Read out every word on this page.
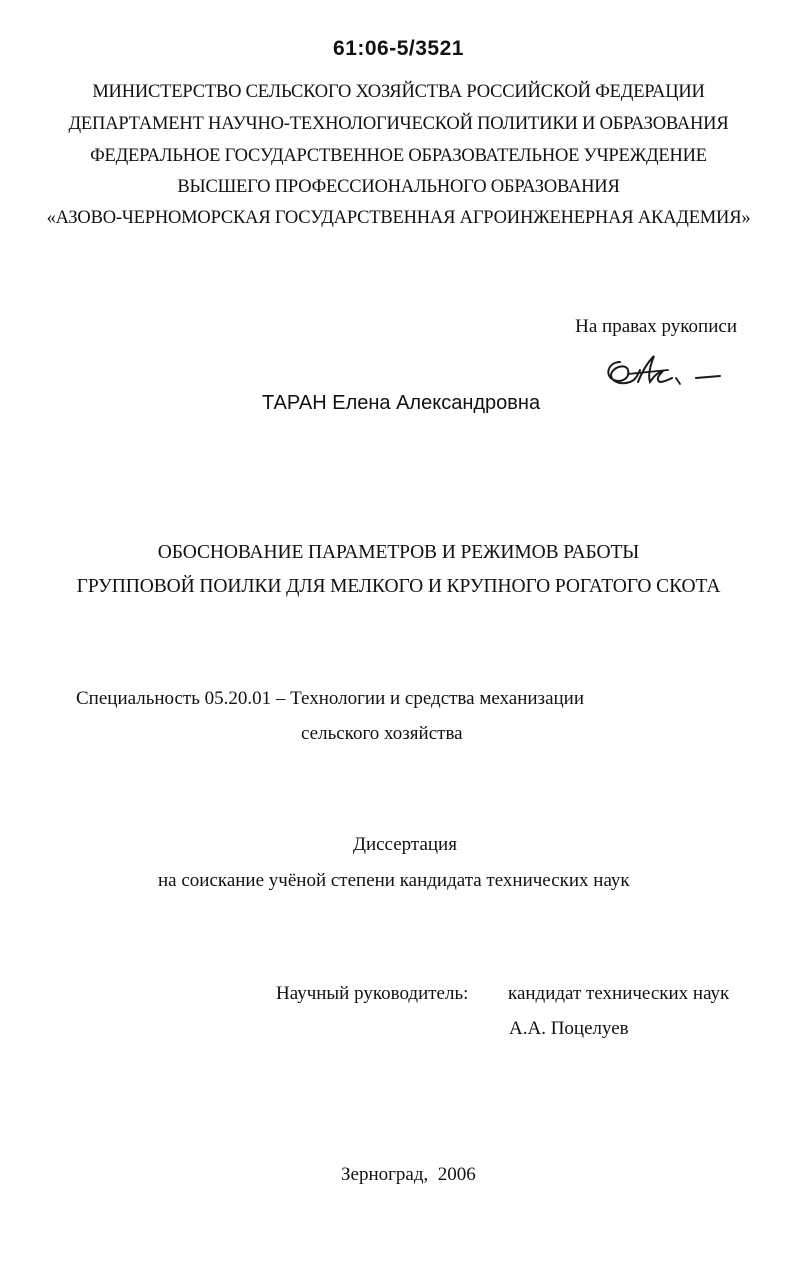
61:06-5/3521
МИНИСТЕРСТВО СЕЛЬСКОГО ХОЗЯЙСТВА РОССИЙСКОЙ ФЕДЕРАЦИИ
ДЕПАРТАМЕНТ НАУЧНО-ТЕХНОЛОГИЧЕСКОЙ ПОЛИТИКИ И ОБРАЗОВАНИЯ
ФЕДЕРАЛЬНОЕ ГОСУДАРСТВЕННОЕ ОБРАЗОВАТЕЛЬНОЕ УЧРЕЖДЕНИЕ
ВЫСШЕГО ПРОФЕССИОНАЛЬНОГО ОБРАЗОВАНИЯ
«АЗОВО-ЧЕРНОМОРСКАЯ ГОСУДАРСТВЕННАЯ АГРОИНЖЕНЕРНАЯ АКАДЕМИЯ»
На правах рукописи
ТАРАН Елена Александровна
ОБОСНОВАНИЕ ПАРАМЕТРОВ И РЕЖИМОВ РАБОТЫ
ГРУППОВОЙ ПОИЛКИ ДЛЯ МЕЛКОГО И КРУПНОГО РОГАТОГО СКОТА
Специальность 05.20.01 – Технологии и средства механизации
сельского хозяйства
Диссертация
на соискание учёной степени кандидата технических наук
Научный руководитель: кандидат технических наук
А.А. Поцелуев
Зерноград,  2006
